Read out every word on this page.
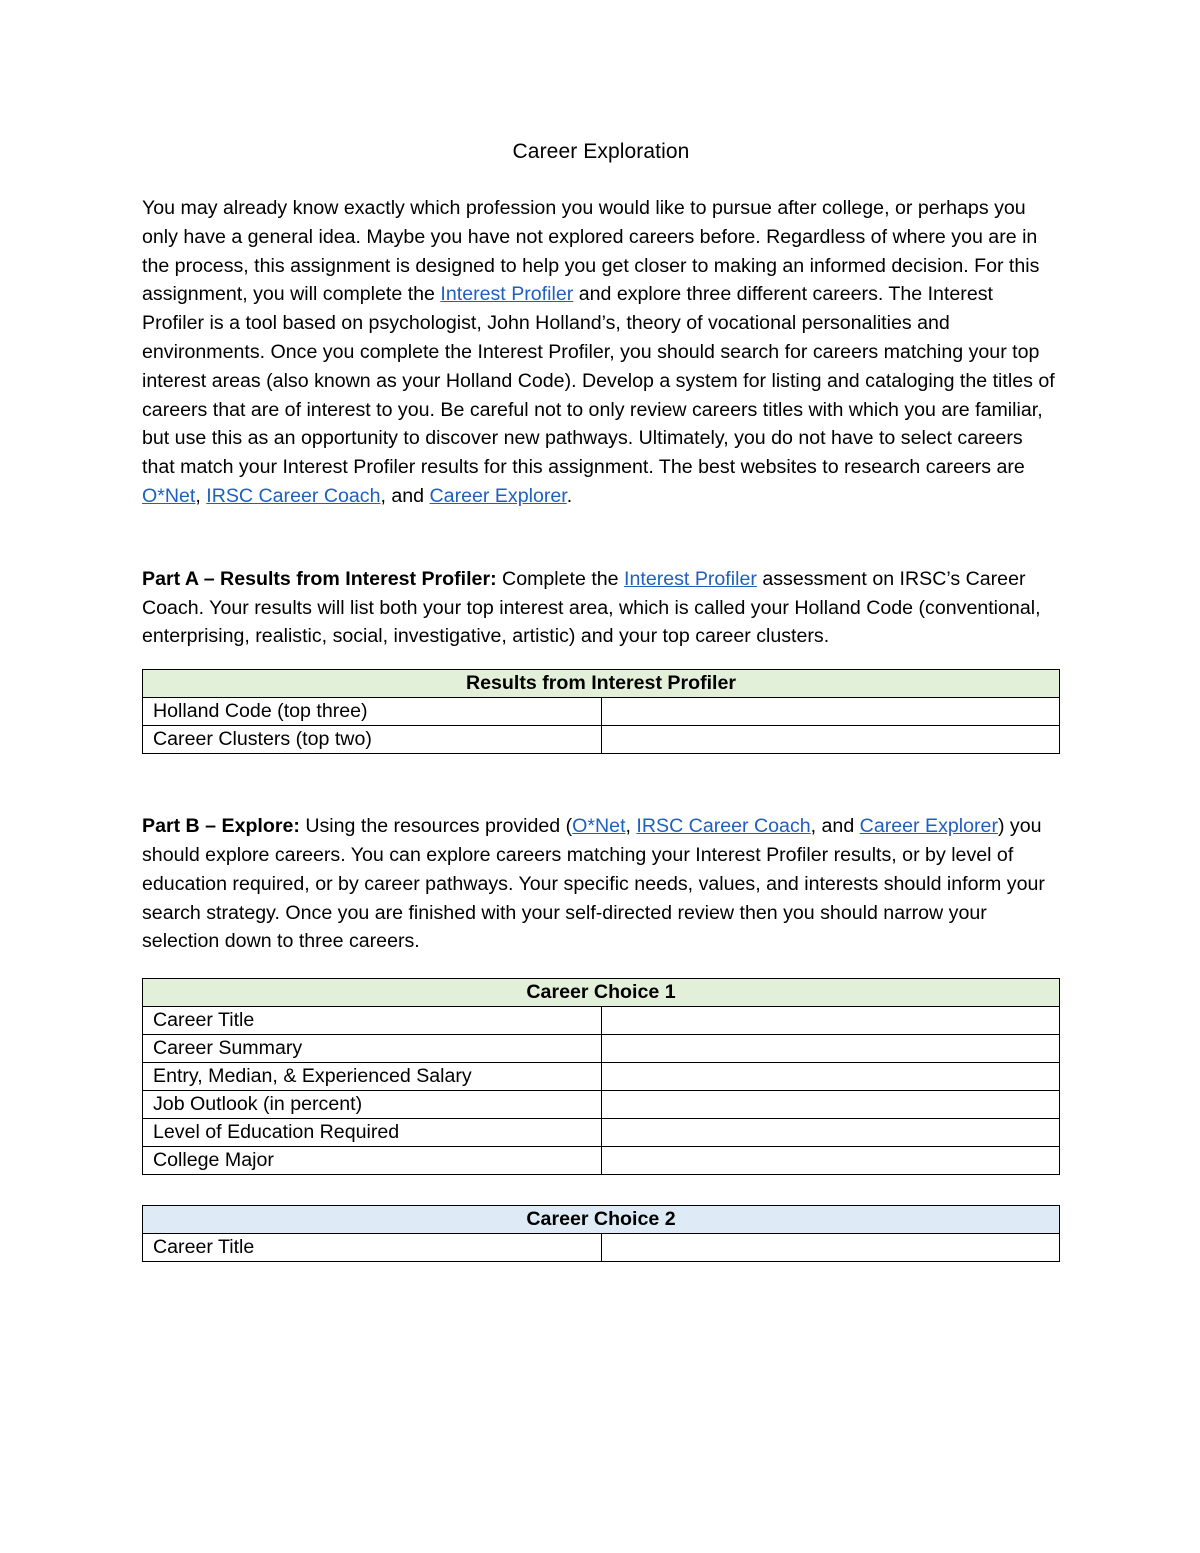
Career Exploration

You may already know exactly which profession you would like to pursue after college, or perhaps you only have a general idea. Maybe you have not explored careers before. Regardless of where you are in the process, this assignment is designed to help you get closer to making an informed decision. For this assignment, you will complete the Interest Profiler and explore three different careers. The Interest Profiler is a tool based on psychologist, John Holland’s, theory of vocational personalities and environments. Once you complete the Interest Profiler, you should search for careers matching your top interest areas (also known as your Holland Code). Develop a system for listing and cataloging the titles of careers that are of interest to you. Be careful not to only review careers titles with which you are familiar, but use this as an opportunity to discover new pathways. Ultimately, you do not have to select careers that match your Interest Profiler results for this assignment. The best websites to research careers are O*Net, IRSC Career Coach, and Career Explorer.

Part A – Results from Interest Profiler: Complete the Interest Profiler assessment on IRSC’s Career Coach. Your results will list both your top interest area, which is called your Holland Code (conventional, enterprising, realistic, social, investigative, artistic) and your top career clusters.

Results from Interest Profiler	
Holland Code (top three)	
Career Clusters (top two)	

Part B – Explore: Using the resources provided (O*Net, IRSC Career Coach, and Career Explorer) you should explore careers. You can explore careers matching your Interest Profiler results, or by level of education required, or by career pathways. Your specific needs, values, and interests should inform your search strategy. Once you are finished with your self-directed review then you should narrow your selection down to three careers.

Career Choice 1	
Career Title	
Career Summary	
Entry, Median, & Experienced Salary	
Job Outlook (in percent)	
Level of Education Required	
College Major	
Career Choice 2
Career Title	
